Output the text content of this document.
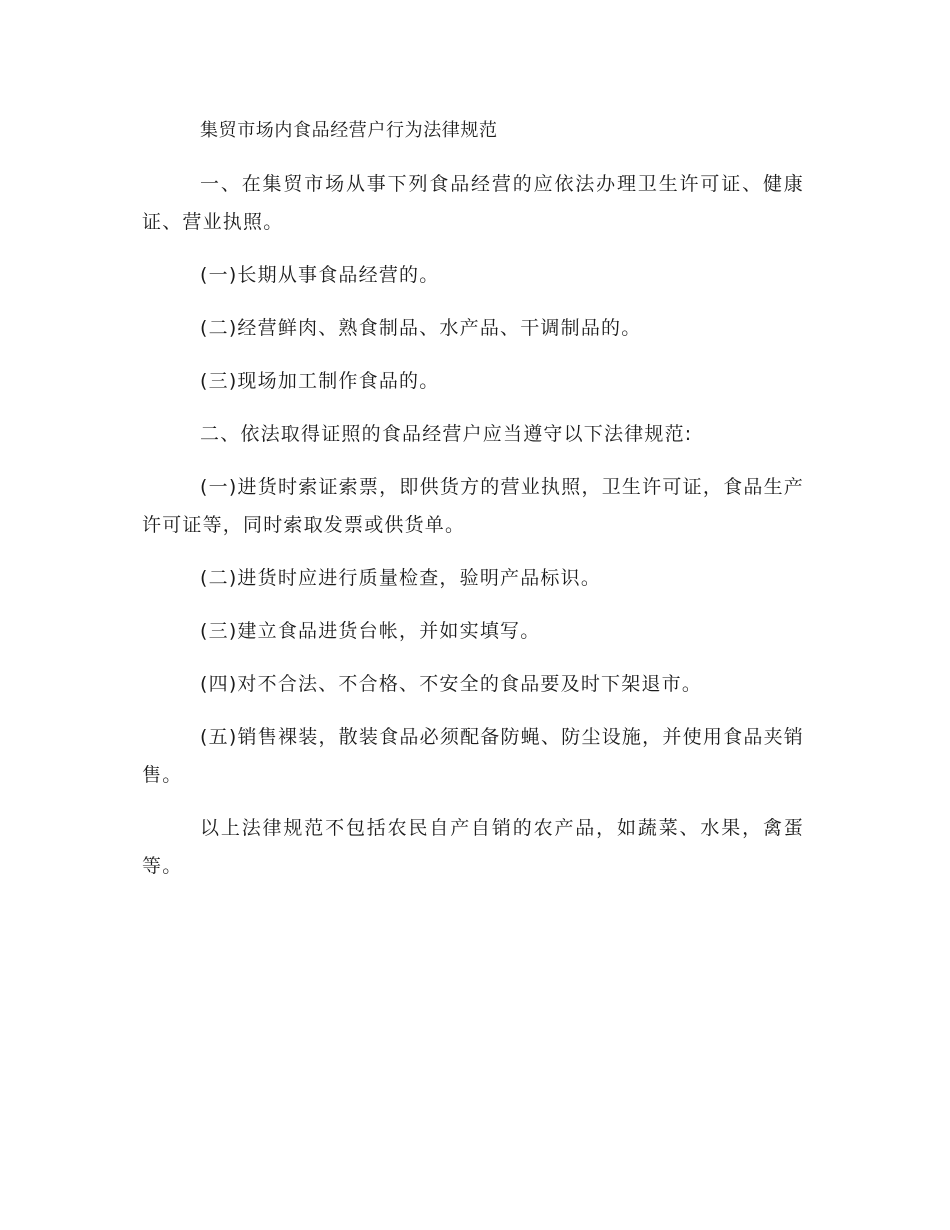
集贸市场内食品经营户行为法律规范

一、在集贸市场从事下列食品经营的应依法办理卫生许可证、健康证、营业执照。

(一)长期从事食品经营的。

(二)经营鲜肉、熟食制品、水产品、干调制品的。

(三)现场加工制作食品的。

二、依法取得证照的食品经营户应当遵守以下法律规范:

(一)进货时索证索票，即供货方的营业执照，卫生许可证，食品生产许可证等，同时索取发票或供货单。

(二)进货时应进行质量检查，验明产品标识。

(三)建立食品进货台帐，并如实填写。

(四)对不合法、不合格、不安全的食品要及时下架退市。

(五)销售裸装，散装食品必须配备防蝇、防尘设施，并使用食品夹销售。

以上法律规范不包括农民自产自销的农产品，如蔬菜、水果，禽蛋等。
